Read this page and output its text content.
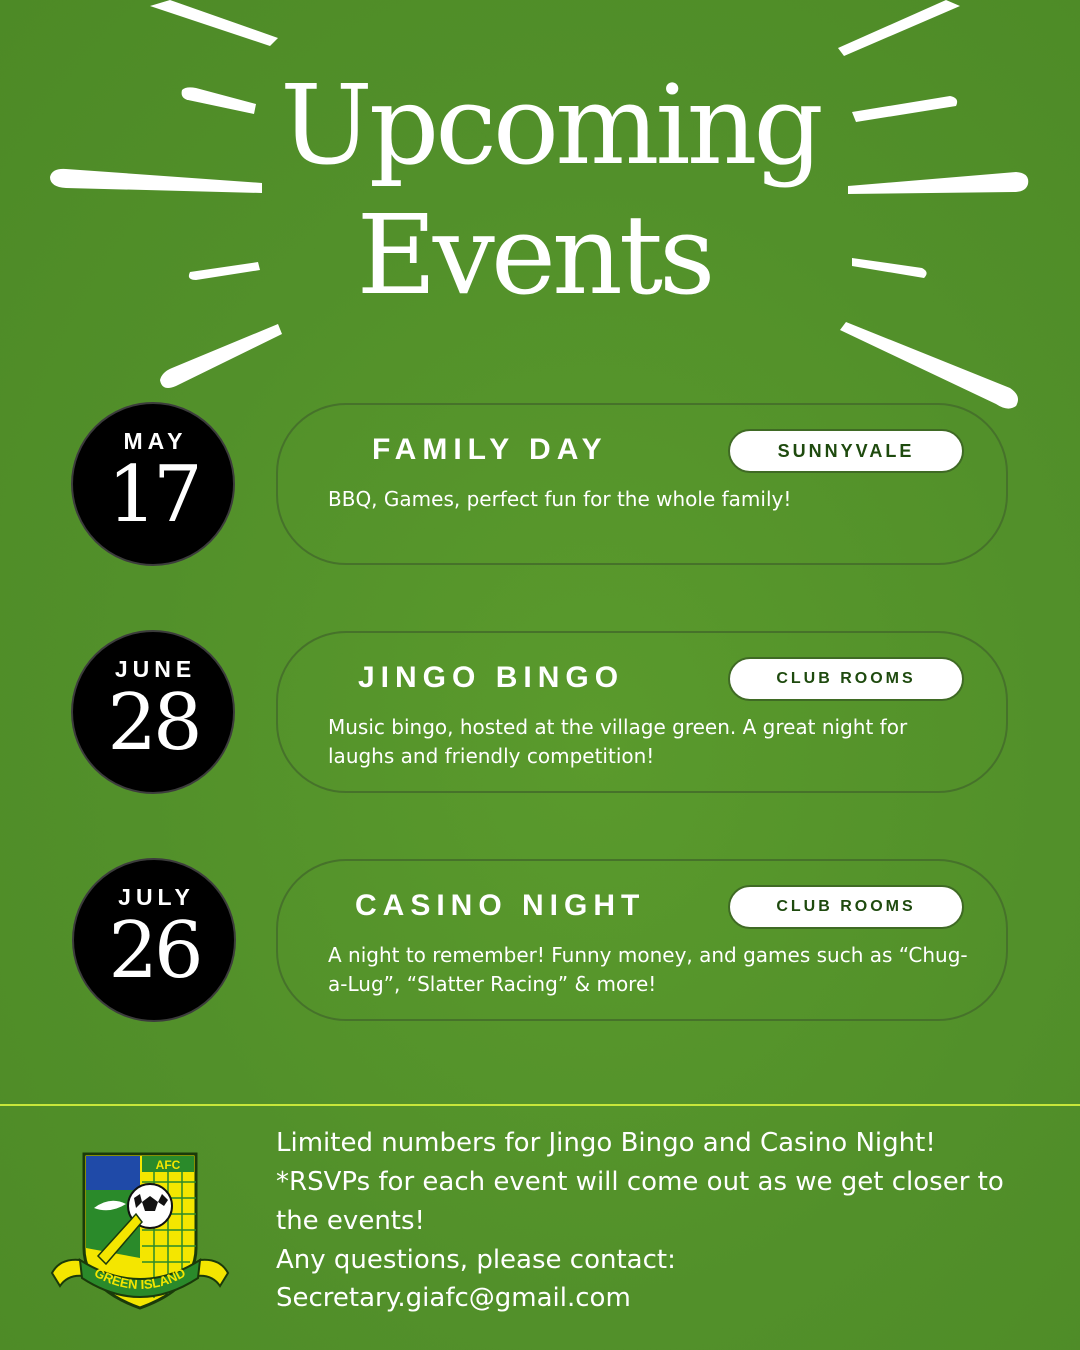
Upcoming
Events
MAY
17
FAMILY DAY	SUNNYVALE
BBQ, Games, perfect fun for the whole family!
JUNE
28
JINGO BINGO	CLUB ROOMS
Music bingo, hosted at the village green. A great night for laughs and friendly competition!
JULY
26
CASINO NIGHT	CLUB ROOMS
A night to remember! Funny money, and games such as “Chug-a-Lug”, “Slatter Racing” & more!
AFC
GREEN ISLAND
Limited numbers for Jingo Bingo and Casino Night!
*RSVPs for each event will come out as we get closer to the events!
Any questions, please contact:
Secretary.giafc@gmail.com
